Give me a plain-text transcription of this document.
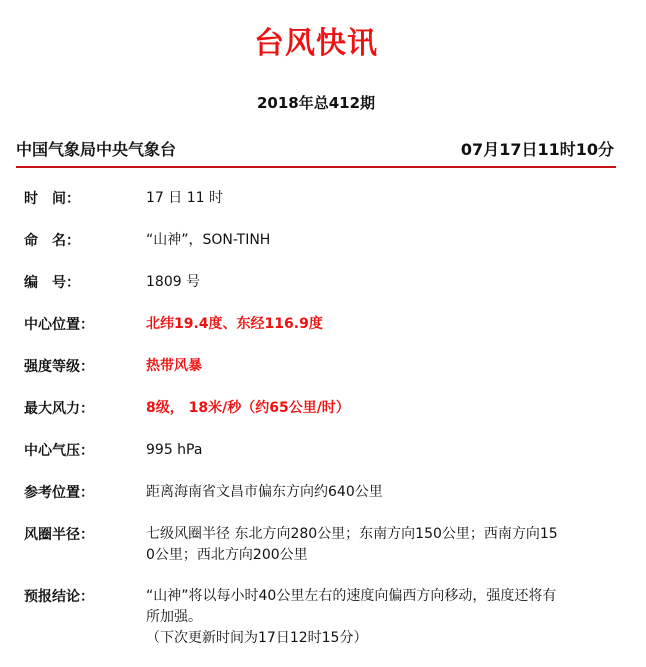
台风快讯
2018年总412期
中国气象局中央气象台	07月17日11时10分
时　间：	17 日 11 时
命　名：	“山神”，SON-TINH
编　号：	1809 号
中心位置：	北纬19.4度、东经116.9度
强度等级：	热带风暴
最大风力：	8级， 18米/秒（约65公里/时）
中心气压：	995 hPa
参考位置：	距离海南省文昌市偏东方向约640公里
风圈半径：	七级风圈半径 东北方向280公里；东南方向150公里；西南方向15
0公里；西北方向200公里
预报结论：	“山神”将以每小时40公里左右的速度向偏西方向移动，强度还将有
所加强。
（下次更新时间为17日12时15分）
